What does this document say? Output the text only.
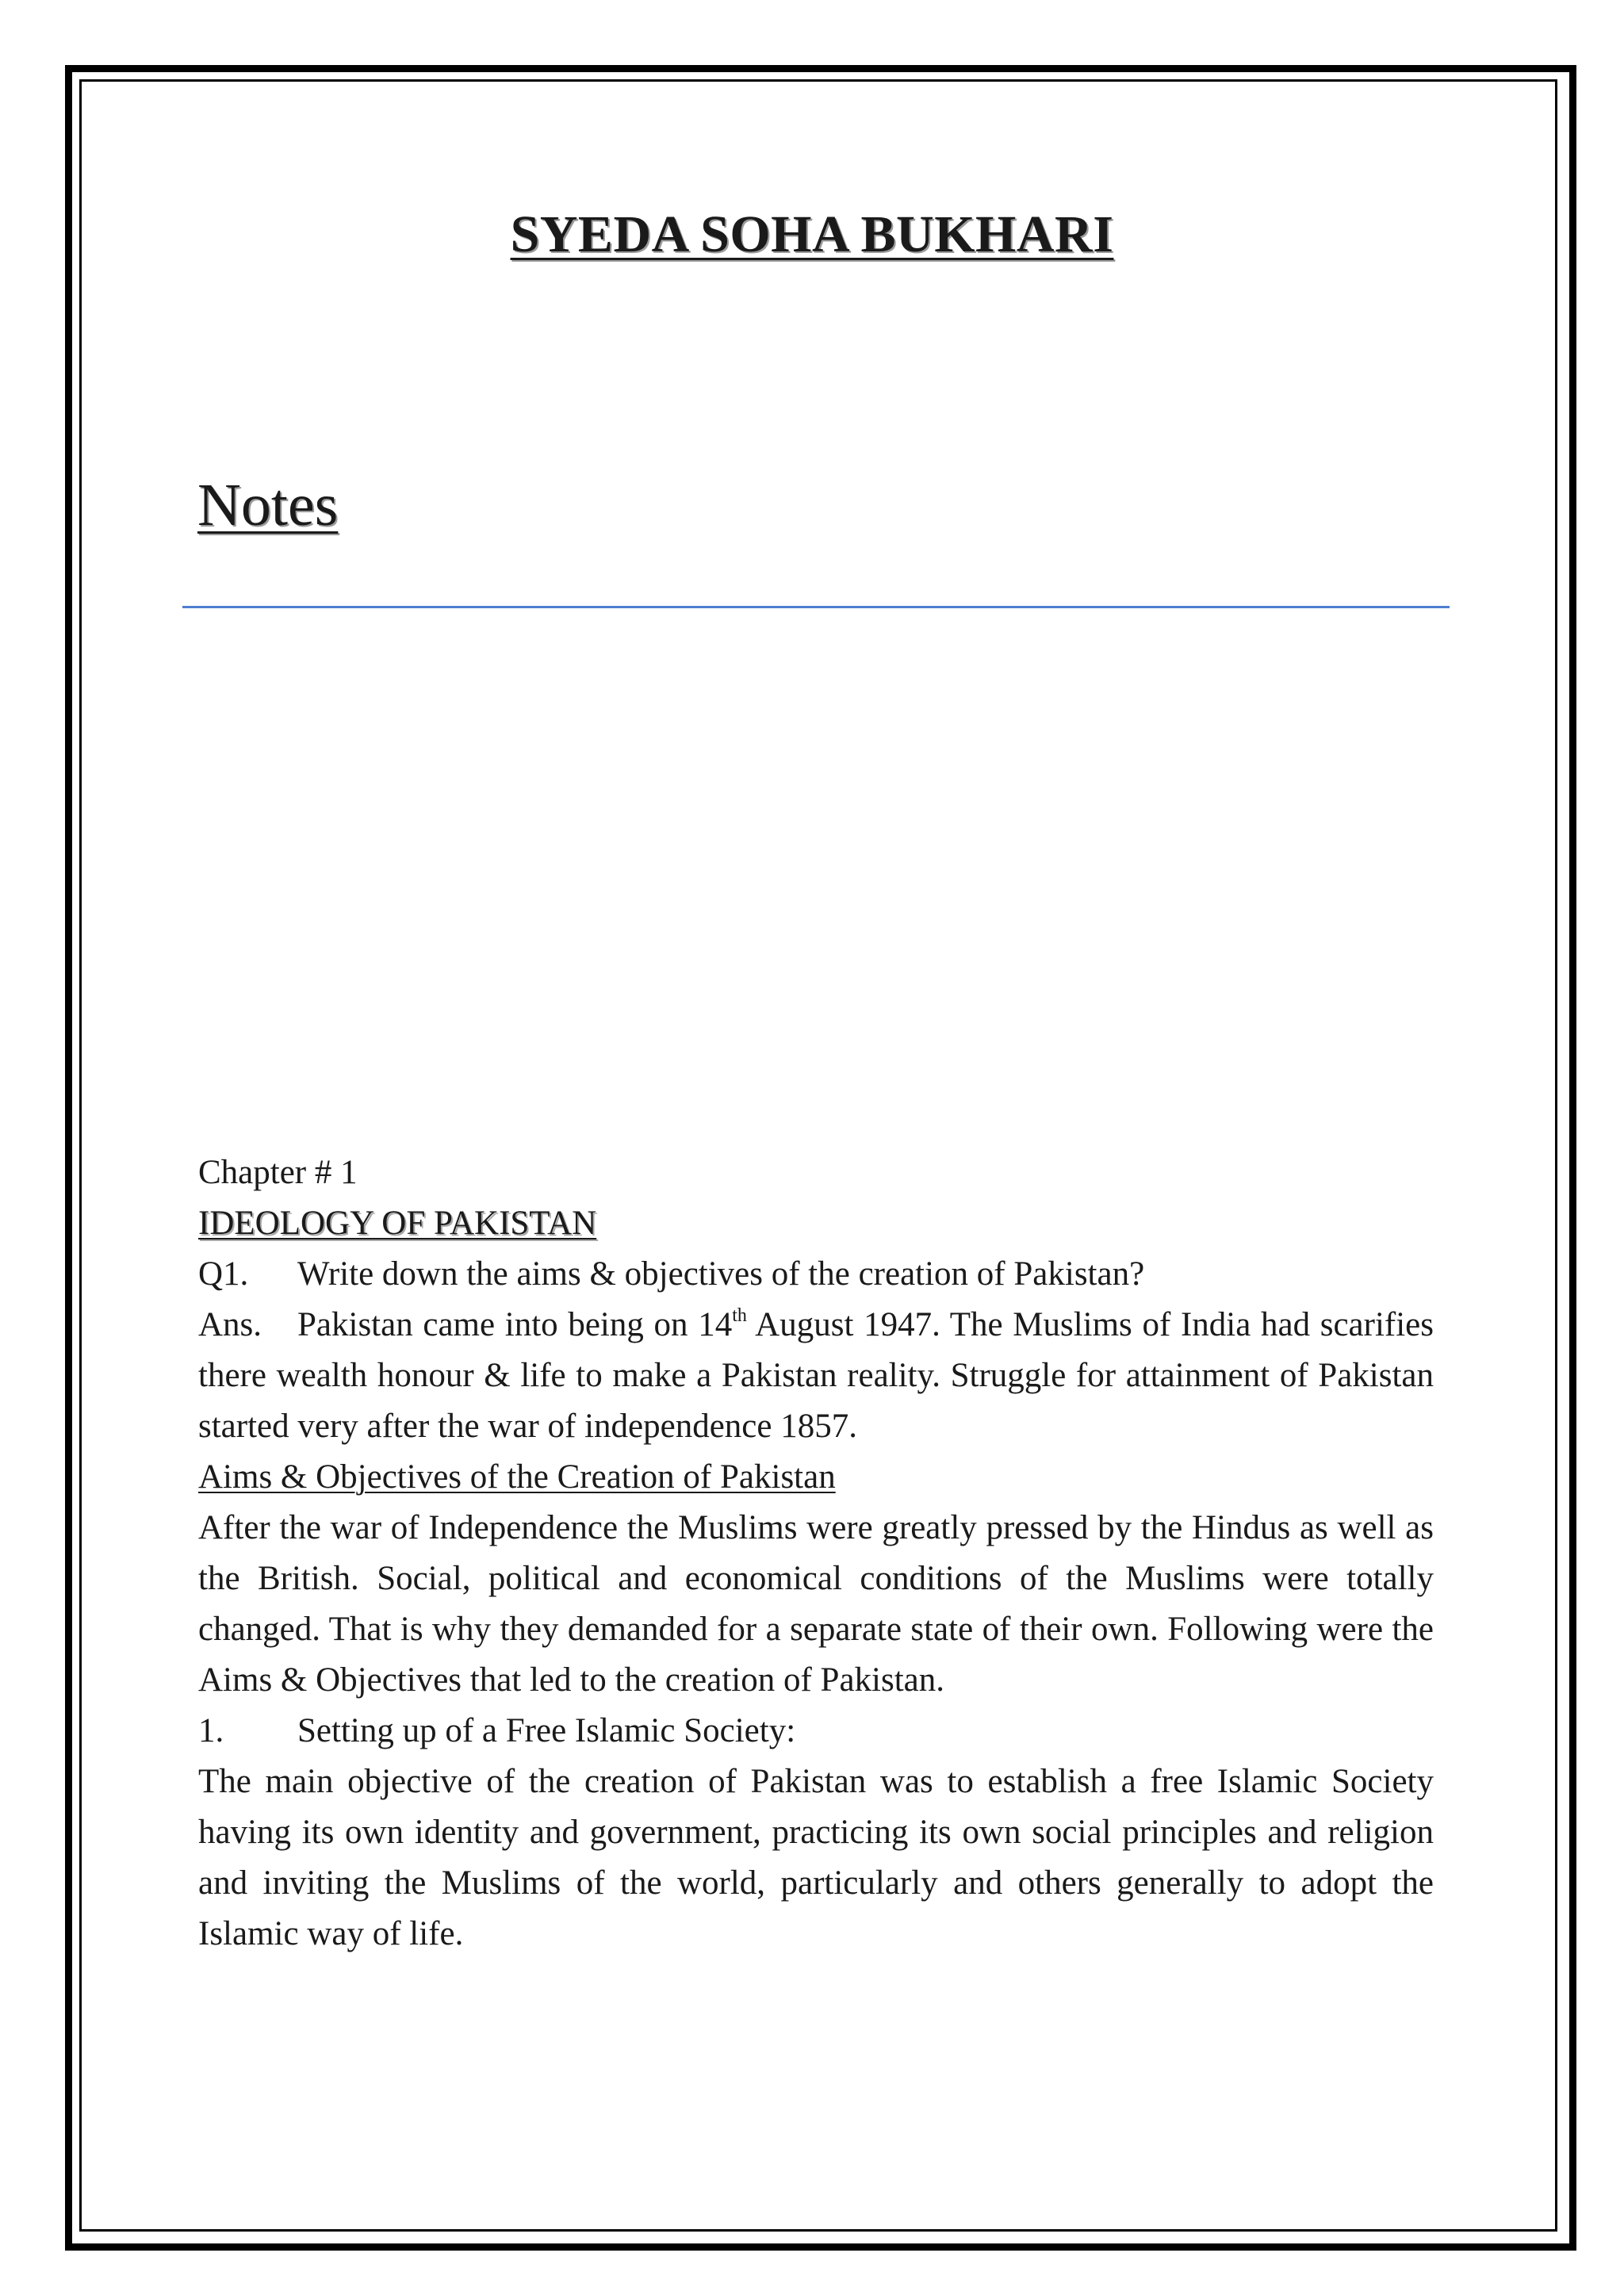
SYEDA SOHA BUKHARI
Notes

Chapter # 1

IDEOLOGY OF PAKISTAN

Q1. Write down the aims & objectives of the creation of Pakistan?

Ans. Pakistan came into being on 14th August 1947. The Muslims of India had scarifies there wealth honour & life to make a Pakistan reality. Struggle for attainment of Pakistan started very after the war of independence 1857.

Aims & Objectives of the Creation of Pakistan

After the war of Independence the Muslims were greatly pressed by the Hindus as well as the British. Social, political and economical conditions of the Muslims were totally changed. That is why they demanded for a separate state of their own. Following were the Aims & Objectives that led to the creation of Pakistan.

1. Setting up of a Free Islamic Society:

The main objective of the creation of Pakistan was to establish a free Islamic Society having its own identity and government, practicing its own social principles and religion and inviting the Muslims of the world, particularly and others generally to adopt the Islamic way of life.
